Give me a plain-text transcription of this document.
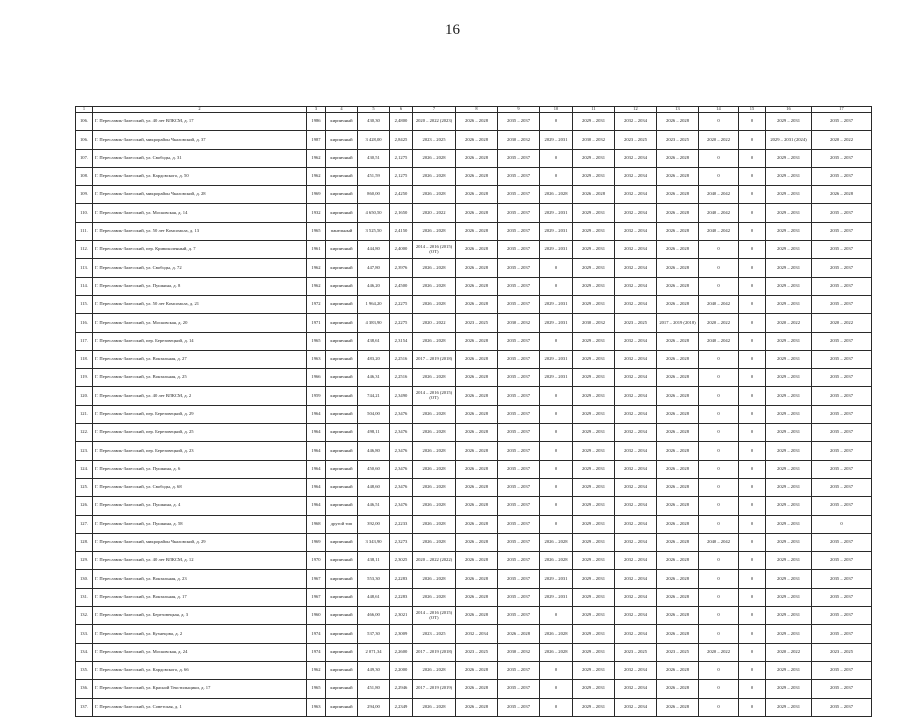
16
1	2	3	4	5	6	7	8	9	10	11	12	13	14	15	16	17
106.	Г. Переславль-Залесский, ул. 40 лет ВЛКСМ, д. 17	1986	кирпичный	430,30	2,4800	2020 – 2022 (2023)	2026 – 2028	2035 – 2037	0	2029 – 2031	2032 – 2034	2026 – 2028	0	0	2029 – 2031	2035 – 2037
106.	Г. Переславль-Залесский, микрорайон Чкаловский, д. 37	1987	кирпичный	3 428,00	2,8425	2023 – 2025	2026 – 2028	2030 – 2032	2029 – 2031	2030 – 2032	2023 – 2025	2023 – 2025	2020 – 2022	0	2029 – 2031 (2024)	2020 – 2022
107.	Г. Переславль-Залесский, ул. Свободы, д. 31	1962	кирпичный	430,51	2,1275	2026 – 2028	2026 – 2028	2035 – 2037	0	2029 – 2031	2032 – 2034	2026 – 2028	0	0	2029 – 2031	2035 – 2037
108.	Г. Переславль-Залесский, ул. Кардовского, д. 50	1962	кирпичный	451,59	2,1275	2026 – 2028	2026 – 2028	2035 – 2037	0	2029 – 2031	2032 – 2034	2026 – 2028	0	0	2029 – 2031	2035 – 2037
109.	Г. Переславль-Залесский, микрорайон Чкаловский, д. 28	1969	кирпичный	860,00	2,4250	2026 – 2028	2026 – 2028	2035 – 2037	2026 – 2028	2026 – 2028	2032 – 2034	2026 – 2028	2040 – 2042	0	2029 – 2031	2026 – 2028
110.	Г. Переславль-Залесский, ул. Московская, д. 14	1932	кирпичный	4 650,50	2,1650	2020 – 2022	2026 – 2028	2035 – 2037	2029 – 2031	2029 – 2031	2032 – 2034	2026 – 2028	2040 – 2042	0	2029 – 2031	2035 – 2037
111.	Г. Переславль-Залесский, ул. 50 лет Комсомола, д. 13	1965	панельный	3 525,50	2,4150	2026 – 2028	2026 – 2028	2035 – 2037	2029 – 2031	2029 – 2031	2032 – 2034	2026 – 2028	2040 – 2042	0	2029 – 2031	2035 – 2037
112.	Г. Переславль-Залесский, пер. Кривоколенный, д. 7	1961	кирпичный	444,80	2,4000	2014 – 2016 (2015)(ОТ)	2026 – 2028	2035 – 2037	2029 – 2031	2029 – 2031	2032 – 2034	2026 – 2028	0	0	2029 – 2031	2035 – 2037
113.	Г. Переславль-Залесский, ул. Свободы, д. 72	1962	кирпичный	447,80	2,3976	2026 – 2028	2026 – 2028	2035 – 2037	0	2029 – 2031	2032 – 2034	2026 – 2028	0	0	2029 – 2031	2035 – 2037
114.	Г. Переславль-Залесский, ул. Пушкина, д. 8	1962	кирпичный	446,20	2,4500	2026 – 2028	2026 – 2028	2035 – 2037	0	2029 – 2031	2032 – 2034	2026 – 2028	0	0	2029 – 2031	2035 – 2037
115.	Г. Переславль-Залесский, ул. 50 лет Комсомола, д. 21	1972	кирпичный	1 964,20	2,2275	2026 – 2028	2026 – 2028	2035 – 2037	2029 – 2031	2029 – 2031	2032 – 2034	2026 – 2028	2040 – 2042	0	2029 – 2031	2035 – 2037
116.	Г. Переславль-Залесский, ул. Московская, д. 20	1971	кирпичный	4 383,90	2,2275	2020 – 2022	2023 – 2025	2030 – 2032	2029 – 2031	2030 – 2032	2023 – 2025	2017 – 2019 (2018)	2020 – 2022	0	2020 – 2022	2020 – 2022
117.	Г. Переславль-Залесский, пер. Березовецкий, д. 14	1965	кирпичный	438,61	2,3154	2026 – 2028	2026 – 2028	2035 – 2037	0	2029 – 2031	2032 – 2034	2026 – 2028	2040 – 2042	0	2029 – 2031	2035 – 2037
118.	Г. Переславль-Залесский, ул. Вокзальная, д. 27	1963	кирпичный	483,20	2,2516	2017 – 2019 (2018)	2026 – 2028	2035 – 2037	2029 – 2031	2029 – 2031	2032 – 2034	2026 – 2028	0	0	2029 – 2031	2035 – 2037
119.	Г. Переславль-Залесский, ул. Вокзальная, д. 25	1966	кирпичный	446,31	2,2516	2026 – 2028	2026 – 2028	2035 – 2037	2029 – 2031	2029 – 2031	2032 – 2034	2026 – 2028	0	0	2029 – 2031	2035 – 2037
120.	Г. Переславль-Залесский, ул. 40 лет ВЛКСМ, д. 2	1959	кирпичный	744,21	2,3490	2014 – 2016 (2015)(ОТ)	2026 – 2028	2035 – 2037	0	2029 – 2031	2032 – 2034	2026 – 2028	0	0	2029 – 2031	2035 – 2037
121.	Г. Переславль-Залесский, пер. Березовецкий, д. 29	1964	кирпичный	504,00	2,3476	2026 – 2028	2026 – 2028	2035 – 2037	0	2029 – 2031	2032 – 2034	2026 – 2028	0	0	2029 – 2031	2035 – 2037
122.	Г. Переславль-Залесский, пер. Березовецкий, д. 25	1964	кирпичный	498,11	2,3476	2026 – 2028	2026 – 2028	2035 – 2037	0	2029 – 2031	2032 – 2034	2026 – 2028	0	0	2029 – 2031	2035 – 2037
123.	Г. Переславль-Залесский, пер. Березовецкий, д. 23	1964	кирпичный	446,80	2,3476	2026 – 2028	2026 – 2028	2035 – 2037	0	2029 – 2031	2032 – 2034	2026 – 2028	0	0	2029 – 2031	2035 – 2037
124.	Г. Переславль-Залесский, ул. Пушкина, д. 6	1964	кирпичный	450,60	2,3476	2026 – 2028	2026 – 2028	2035 – 2037	0	2029 – 2031	2032 – 2034	2026 – 2028	0	0	2029 – 2031	2035 – 2037
125.	Г. Переславль-Залесский, ул. Свободы, д. 68	1964	кирпичный	448,60	2,3476	2026 – 2028	2026 – 2028	2035 – 2037	0	2029 – 2031	2032 – 2034	2026 – 2028	0	0	2029 – 2031	2035 – 2037
126.	Г. Переславль-Залесский, ул. Пушкина, д. 4	1964	кирпичный	446,51	2,3476	2026 – 2028	2026 – 2028	2035 – 2037	0	2029 – 2031	2032 – 2034	2026 – 2028	0	0	2029 – 2031	2035 – 2037
127.	Г. Переславль-Залесский, ул. Пушкина, д. 58	1968	другой тип	392,00	2,2233	2026 – 2028	2026 – 2028	2035 – 2037	0	2029 – 2031	2032 – 2034	2026 – 2028	0	0	2029 – 2031	0
128.	Г. Переславль-Залесский, микрорайон Чкаловский, д. 29	1969	кирпичный	3 343,90	2,3273	2026 – 2028	2026 – 2028	2035 – 2037	2026 – 2028	2029 – 2031	2032 – 2034	2026 – 2028	2040 – 2042	0	2029 – 2031	2035 – 2037
129.	Г. Переславль-Залесский, ул. 40 лет ВЛКСМ, д. 12	1970	кирпичный	438,11	2,3025	2020 – 2022 (2022)	2026 – 2028	2035 – 2037	2026 – 2028	2029 – 2031	2032 – 2034	2026 – 2028	0	0	2029 – 2031	2035 – 2037
130.	Г. Переславль-Залесский, ул. Вокзальная, д. 23	1967	кирпичный	553,30	2,2283	2026 – 2028	2026 – 2028	2035 – 2037	2029 – 2031	2029 – 2031	2032 – 2034	2026 – 2028	0	0	2029 – 2031	2035 – 2037
131.	Г. Переславль-Залесский, ул. Вокзальная, д. 17	1967	кирпичный	448,61	2,2283	2026 – 2028	2026 – 2028	2035 – 2037	2029 – 2031	2029 – 2031	2032 – 2034	2026 – 2028	0	0	2029 – 2031	2035 – 2037
132.	Г. Переславль-Залесский, ул. Березовецкая, д. 3	1960	кирпичный	466,00	2,3021	2014 – 2016 (2015)(ОТ)	2026 – 2028	2035 – 2037	0	2029 – 2031	2032 – 2034	2026 – 2028	0	0	2029 – 2031	2035 – 2037
133.	Г. Переславль-Залесский, ул. Кузнецова, д. 2	1974	кирпичный	537,30	2,3009	2023 – 2025	2032 – 2034	2026 – 2028	2026 – 2028	2029 – 2031	2032 – 2034	2026 – 2028	0	0	2029 – 2031	2035 – 2037
134.	Г. Переславль-Залесский, ул. Московская, д. 24	1974	кирпичный	2 071,34	2,2600	2017 – 2019 (2018)	2023 – 2025	2030 – 2032	2026 – 2028	2029 – 2031	2023 – 2025	2023 – 2025	2020 – 2022	0	2020 – 2022	2023 – 2025
135.	Г. Переславль-Залесский, ул. Кардовского, д. 66	1962	кирпичный	449,30	2,2000	2026 – 2028	2026 – 2028	2035 – 2037	0	2029 – 2031	2032 – 2034	2026 – 2028	0	0	2029 – 2031	2035 – 2037
136.	Г. Переславль-Залесский, ул. Красной Текстильщики, д. 17	1965	кирпичный	451,80	2,2946	2017 – 2019 (2019)	2026 – 2028	2035 – 2037	0	2029 – 2031	2032 – 2034	2026 – 2028	0	0	2029 – 2031	2035 – 2037
137.	Г. Переславль-Залесский, ул. Советская, д. 1	1963	кирпичный	294,00	2,2349	2026 – 2028	2026 – 2028	2035 – 2037	0	2029 – 2031	2032 – 2034	2026 – 2028	0	0	2029 – 2031	2035 – 2037
